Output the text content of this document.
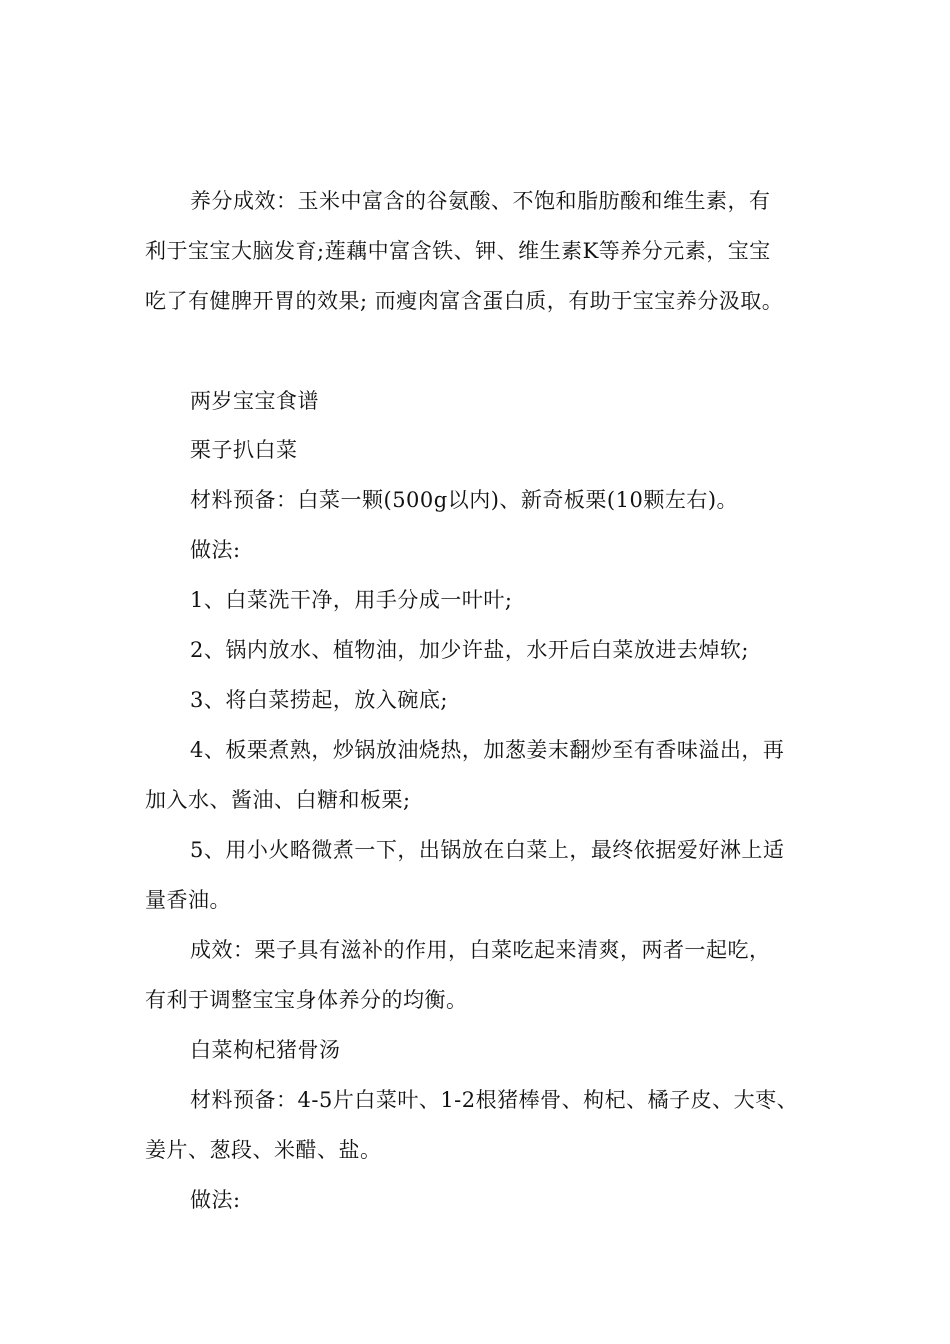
养分成效：玉米中富含的谷氨酸、不饱和脂肪酸和维生素，有
利于宝宝大脑发育;莲藕中富含铁、钾、维生素K等养分元素，宝宝
吃了有健脾开胃的效果; 而瘦肉富含蛋白质，有助于宝宝养分汲取。
两岁宝宝食谱
栗子扒白菜
材料预备：白菜一颗(500g以内)、新奇板栗(10颗左右)。
做法:
1、白菜洗干净，用手分成一叶叶;
2、锅内放水、植物油，加少许盐，水开后白菜放进去焯软;
3、将白菜捞起，放入碗底;
4、板栗煮熟，炒锅放油烧热，加葱姜末翻炒至有香味溢出，再
加入水、酱油、白糖和板栗;
5、用小火略微煮一下，出锅放在白菜上，最终依据爱好淋上适
量香油。
成效：栗子具有滋补的作用，白菜吃起来清爽，两者一起吃，
有利于调整宝宝身体养分的均衡。
白菜枸杞猪骨汤
材料预备：4-5片白菜叶、1-2根猪棒骨、枸杞、橘子皮、大枣、
姜片、葱段、米醋、盐。
做法:
